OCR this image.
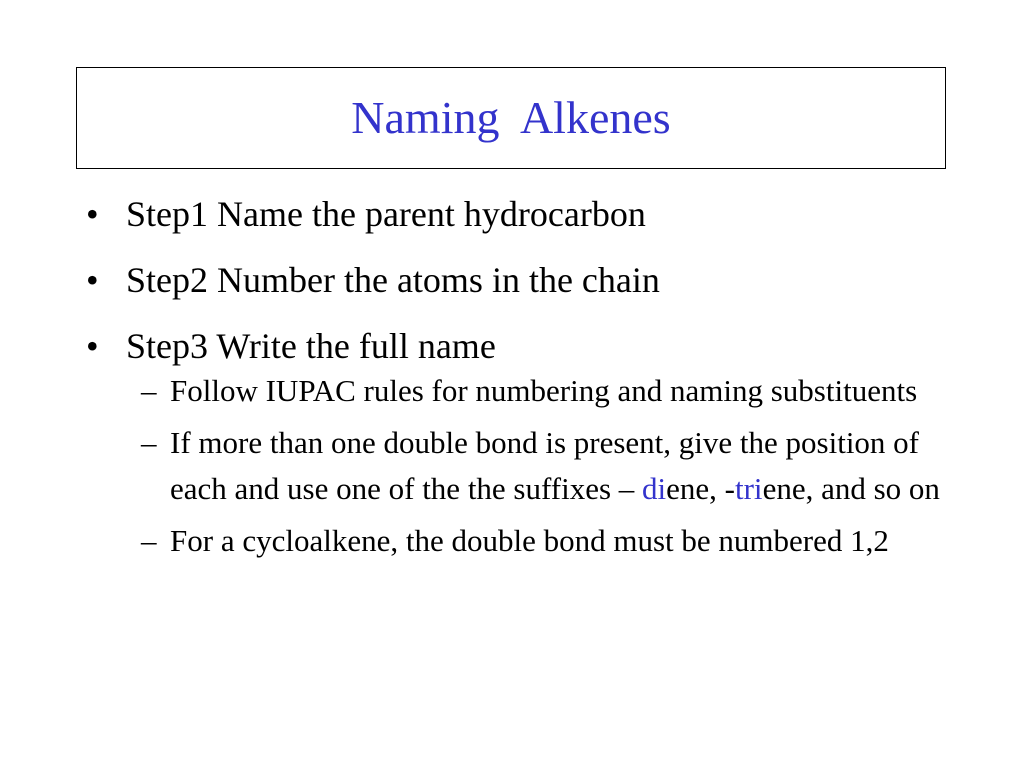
Naming  Alkenes
• Step1 Name the parent hydrocarbon
• Step2 Number the atoms in the chain
• Step3 Write the full name
– Follow IUPAC rules for numbering and naming substituents
– If more than one double bond is present, give the position of each and use one of the the suffixes – diene, -triene, and so on
– For a cycloalkene, the double bond must be numbered 1,2
